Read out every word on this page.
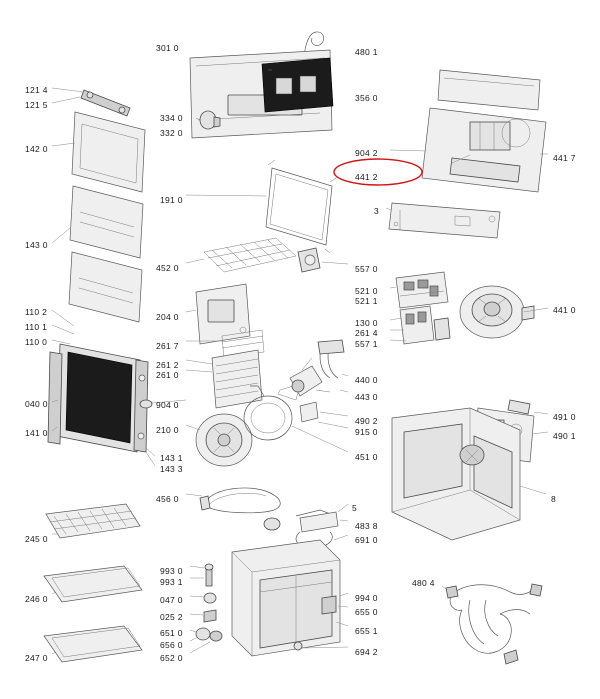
301 0	480 1
121 4
121 5
356 0
334 0
332 0
142 0
441 7
904 2
441 2
191 0
3
143 0
452 0	557 0
521 0
521 1
110 2
110 1
110 0
441 0
204 0
130 0
261 4
557 1
261 7
261 2
261 0	440 0
040 0	904 0
443 0
491 0
490 2
915 0	490 1
141 0	210 0
451 0
143 1
143 3
8
456 0
5
245 0
483 8
691 0
993 0
993 1	480 4
246 0	047 0	994 0
655 0
025 2
651 0	655 1
656 0
652 0
694 2
247 0
